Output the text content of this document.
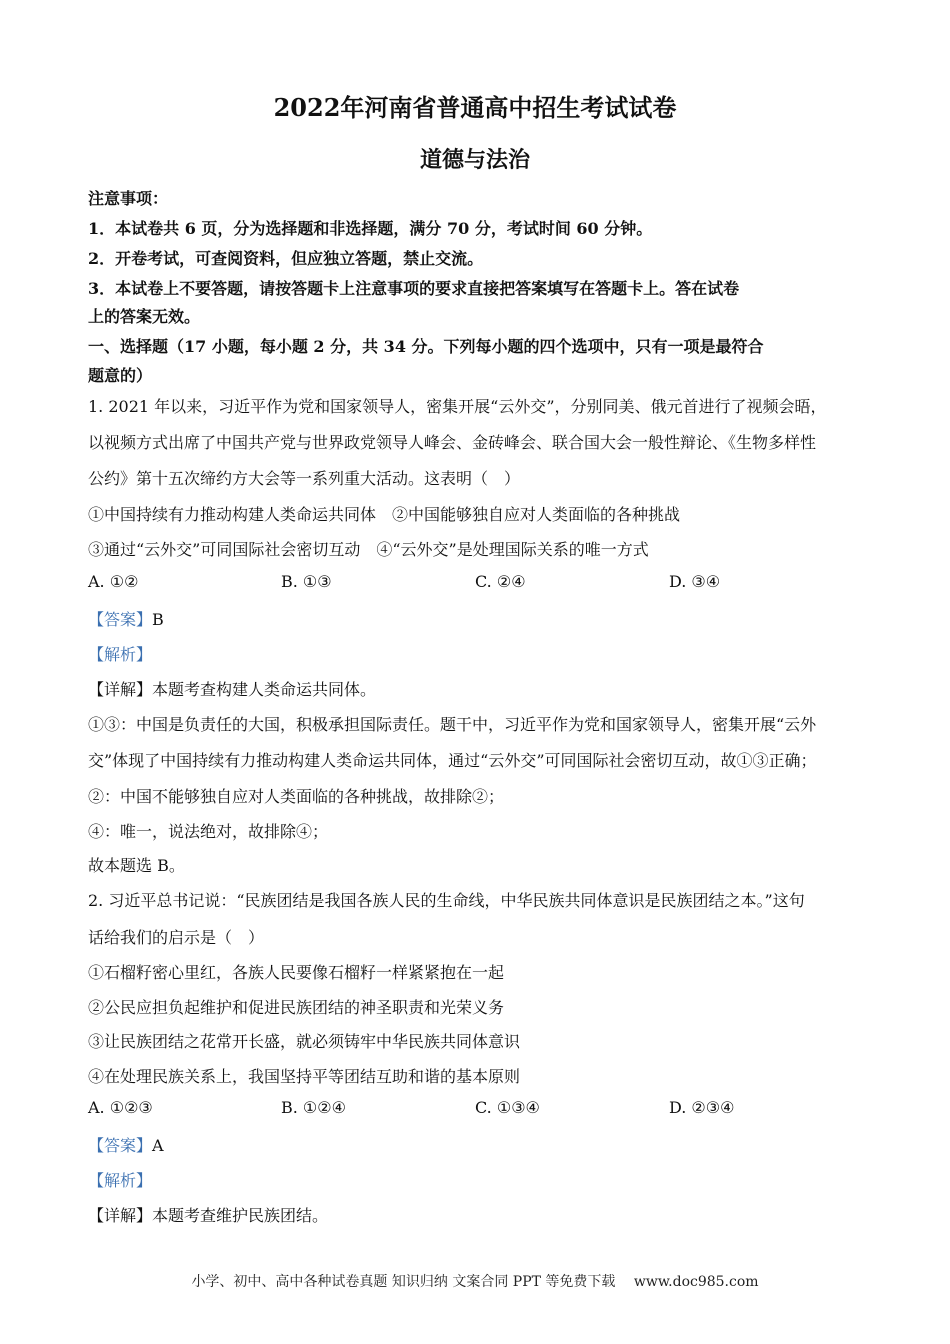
2022年河南省普通高中招生考试试卷
道德与法治
注意事项：
1．本试卷共 6 页，分为选择题和非选择题，满分 70 分，考试时间 60 分钟。
2．开卷考试，可查阅资料，但应独立答题，禁止交流。
3．本试卷上不要答题，请按答题卡上注意事项的要求直接把答案填写在答题卡上。答在试卷
上的答案无效。
一、选择题（17 小题，每小题 2 分，共 34 分。下列每小题的四个选项中，只有一项是最符合
题意的）
1. 2021 年以来，习近平作为党和国家领导人，密集开展“云外交”，分别同美、俄元首进行了视频会晤，
以视频方式出席了中国共产党与世界政党领导人峰会、金砖峰会、联合国大会一般性辩论、《生物多样性
公约》第十五次缔约方大会等一系列重大活动。这表明（　）
①中国持续有力推动构建人类命运共同体　②中国能够独自应对人类面临的各种挑战
③通过“云外交”可同国际社会密切互动　④“云外交”是处理国际关系的唯一方式
A. ①②	B. ①③	C. ②④	D. ③④
【答案】B
【解析】
【详解】本题考查构建人类命运共同体。
①③：中国是负责任的大国，积极承担国际责任。题干中，习近平作为党和国家领导人，密集开展“云外
交”体现了中国持续有力推动构建人类命运共同体，通过“云外交”可同国际社会密切互动，故①③正确；
②：中国不能够独自应对人类面临的各种挑战，故排除②；
④：唯一，说法绝对，故排除④；
故本题选 B。
2. 习近平总书记说：“民族团结是我国各族人民的生命线，中华民族共同体意识是民族团结之本。”这句
话给我们的启示是（　）
①石榴籽密心里红，各族人民要像石榴籽一样紧紧抱在一起
②公民应担负起维护和促进民族团结的神圣职责和光荣义务
③让民族团结之花常开长盛，就必须铸牢中华民族共同体意识
④在处理民族关系上，我国坚持平等团结互助和谐的基本原则
A. ①②③	B. ①②④	C. ①③④	D. ②③④
【答案】A
【解析】
【详解】本题考查维护民族团结。
小学、初中、高中各种试卷真题 知识归纳 文案合同 PPT 等免费下载　 www.doc985.com
